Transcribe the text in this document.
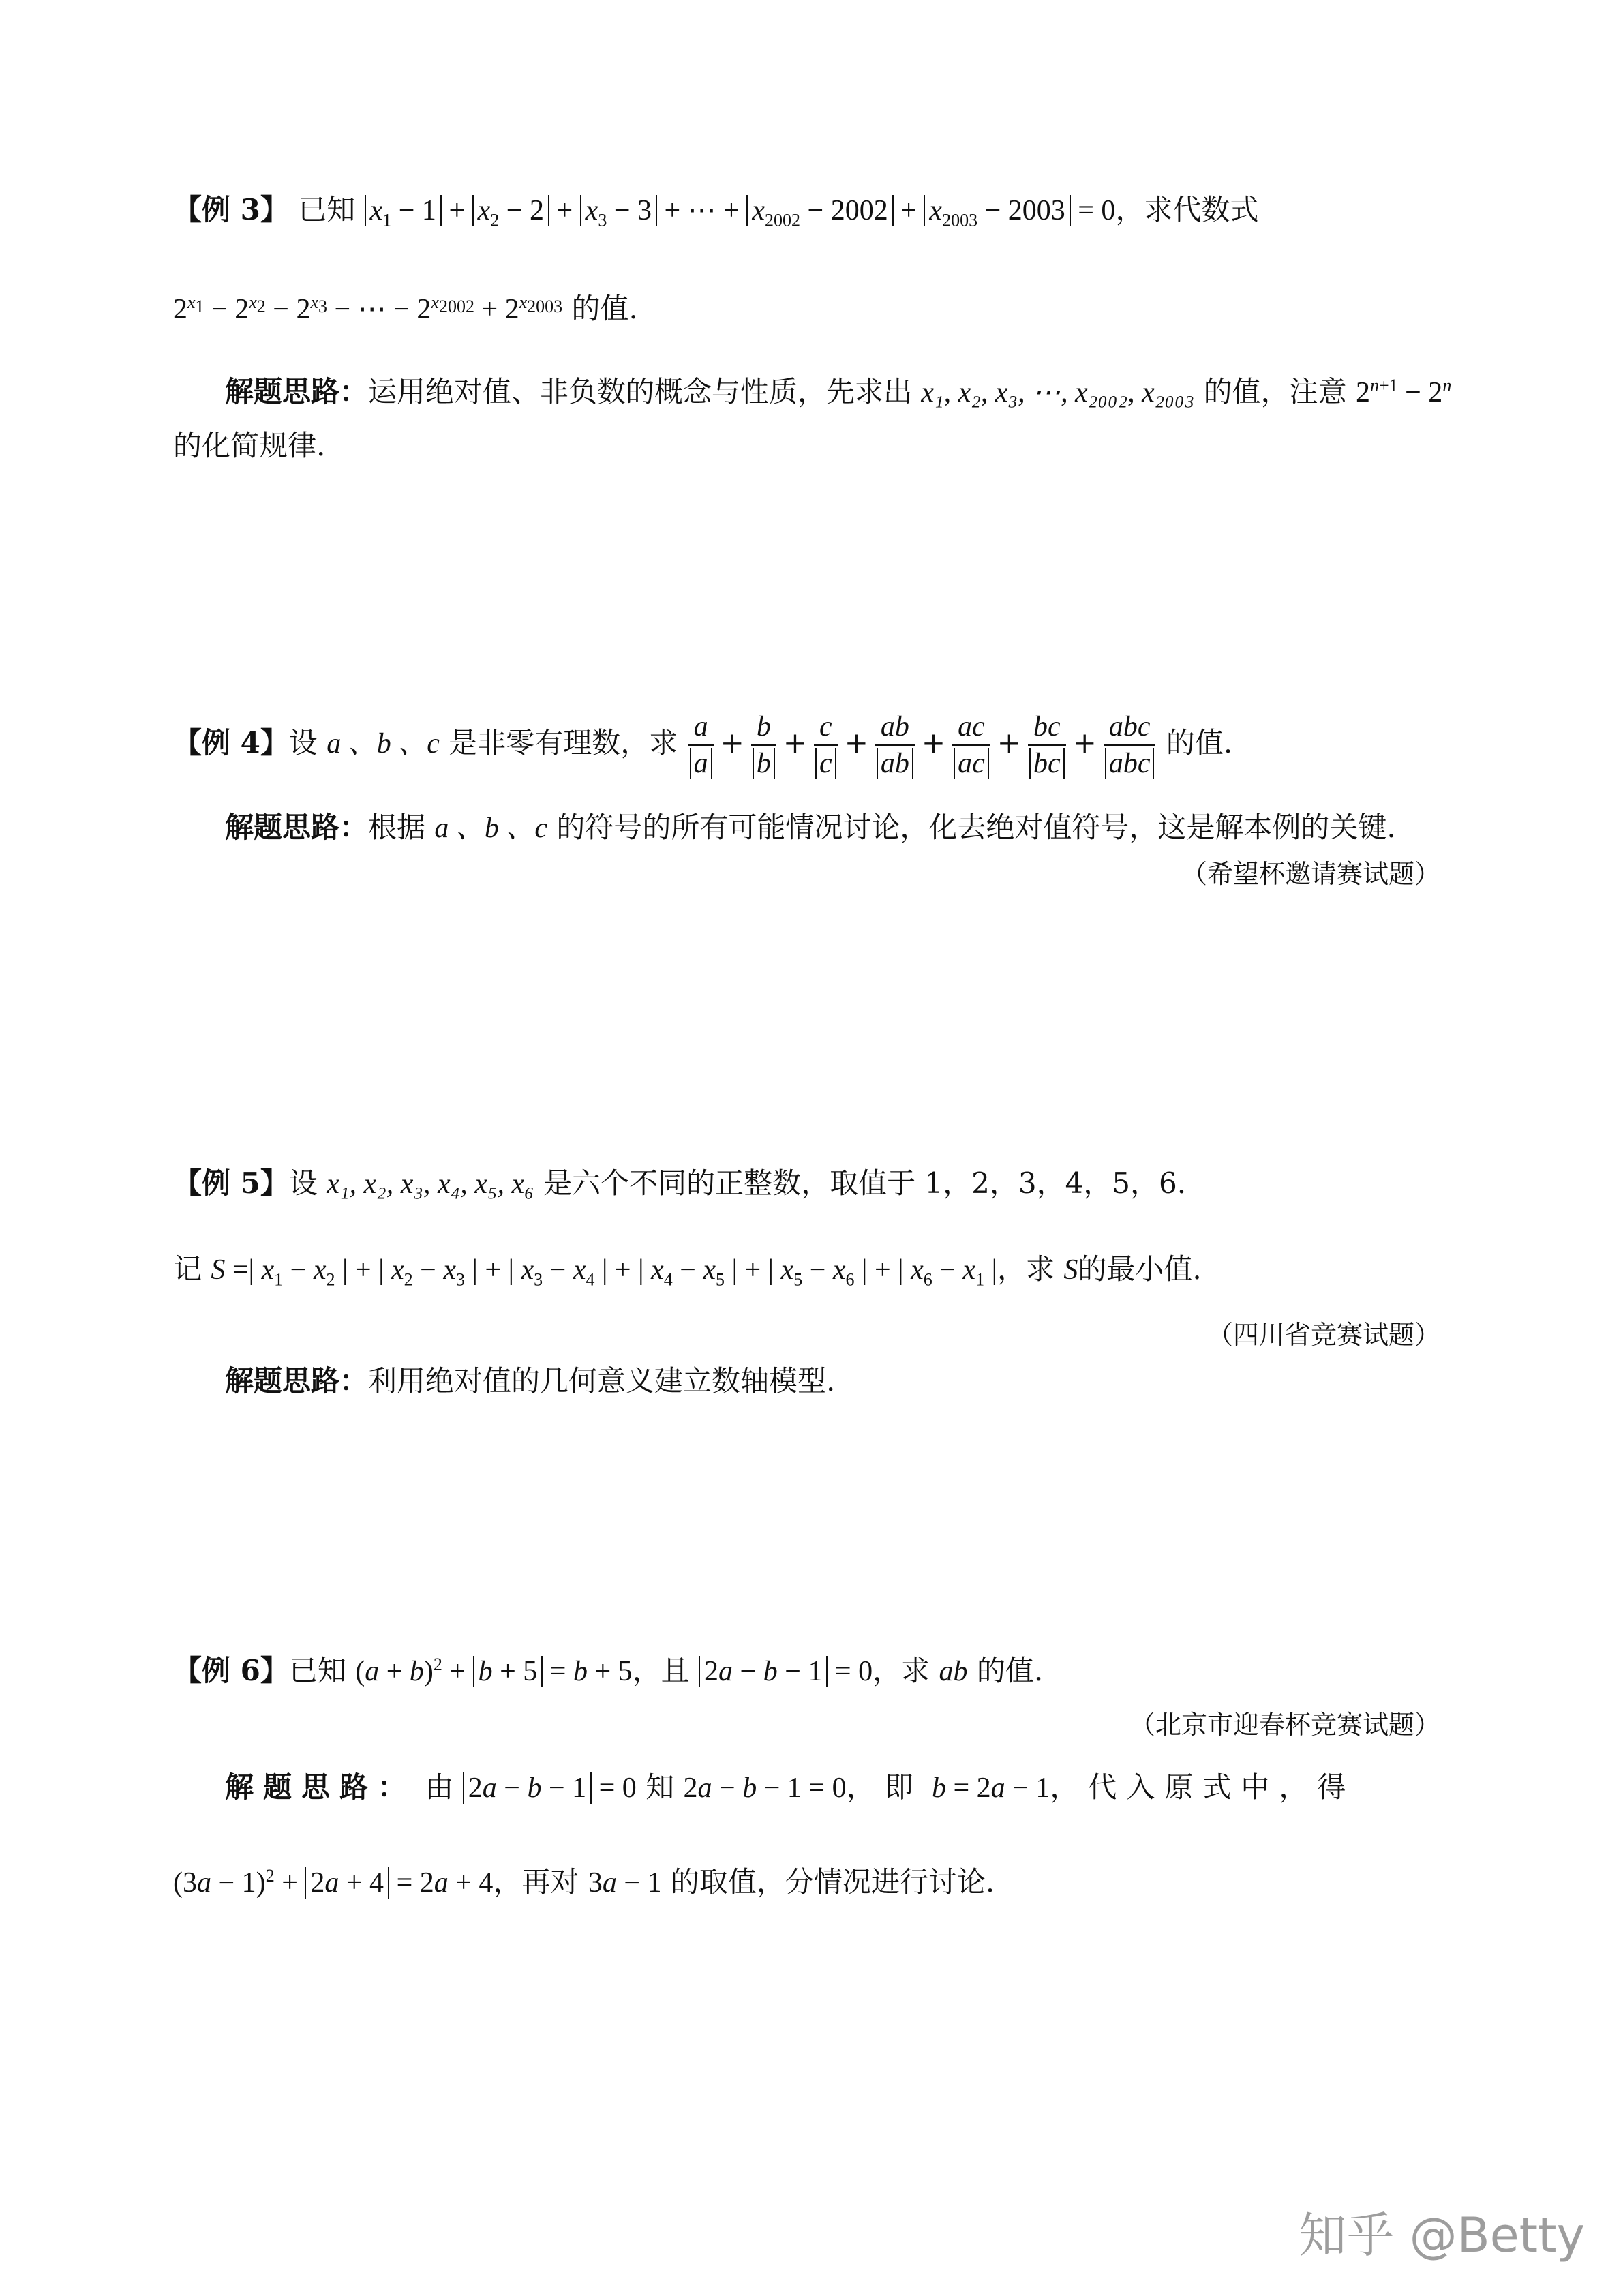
【例 3】 已知 $x_1 - 1 + x_2 - 2 + x_3 - 3$ + ⋯ + $x_{2002} - 2002 + x_{2003} - 2003 = 0$，求代数式
$2^{x_1} - 2^{x_2} - 2^{x_3}$ − ⋯ − $2^{x_{2002}} + 2^{x_{2003}}$ 的值.
解题思路：运用绝对值、非负数的概念与性质，先求出 x₁, x₂, x₃, ⋯, x₂₀₀₂, x₂₀₀₃ 的值，注意 $2^{n+1} - 2^n$
的化简规律.
【例 4】设 a 、b 、c 是非零有理数，求 $\frac{a}{a} + \frac{b}{b} + \frac{c}{c} + \frac{ab}{ab} + \frac{ac}{ac} + \frac{bc}{bc} + \frac{\text{abc}}{\text{abc}}$ 的值.
解题思路：根据 a 、b 、c 的符号的所有可能情况讨论，化去绝对值符号，这是解本例的关键.
（希望杯邀请赛试题）
【例 5】设 x₁, x₂, x₃, x₄, x₅, x₆ 是六个不同的正整数，取值于 1，2，3，4，5，6.
记 S =| $x_1 - x_2$ | + | $x_2 - x_3$ | + | $x_3 - x_4$ | + | $x_4 - x_5$ | + | $x_5 - x_6$ | + | $x_6 - x_1$ |，求 S的最小值.
（四川省竞赛试题）
解题思路：利用绝对值的几何意义建立数轴模型.
【例 6】已知 $(a + b)^2 + b + 5 = b + 5$，且 2a − b − 1 = 0，求 ab 的值.
（北京市迎春杯竞赛试题）
解题思路： 由 2a − b − 1 = 0 知 2a − b − 1 = 0，即 b = 2a − 1，代入原式中，得
$(3a - 1)^2 + 2a + 4 = 2a + 4$，再对 3a − 1 的取值，分情况进行讨论.
知乎 @Betty
